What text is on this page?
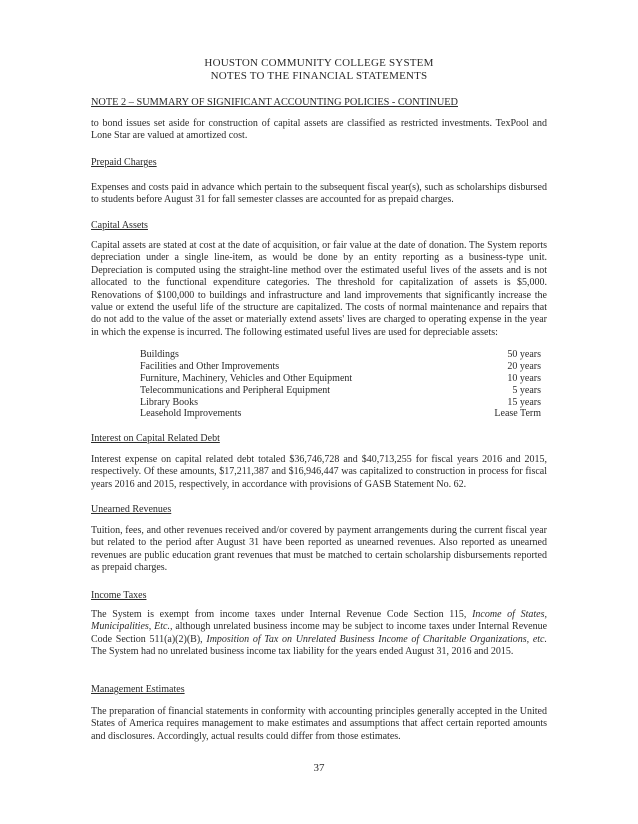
HOUSTON COMMUNITY COLLEGE SYSTEM
NOTES TO THE FINANCIAL STATEMENTS
NOTE 2 – SUMMARY OF SIGNIFICANT ACCOUNTING POLICIES - CONTINUED
to bond issues set aside for construction of capital assets are classified as restricted investments. TexPool and Lone Star are valued at amortized cost.
Prepaid Charges
Expenses and costs paid in advance which pertain to the subsequent fiscal year(s), such as scholarships disbursed to students before August 31 for fall semester classes are accounted for as prepaid charges.
Capital Assets
Capital assets are stated at cost at the date of acquisition, or fair value at the date of donation. The System reports depreciation under a single line-item, as would be done by an entity reporting as a business-type unit. Depreciation is computed using the straight-line method over the estimated useful lives of the assets and is not allocated to the functional expenditure categories. The threshold for capitalization of assets is $5,000. Renovations of $100,000 to buildings and infrastructure and land improvements that significantly increase the value or extend the useful life of the structure are capitalized. The costs of normal maintenance and repairs that do not add to the value of the asset or materially extend assets' lives are charged to operating expense in the year in which the expense is incurred. The following estimated useful lives are used for depreciable assets:
Buildings	50 years
Facilities and Other Improvements	20 years
Furniture, Machinery, Vehicles and Other Equipment	10 years
Telecommunications and Peripheral Equipment	5 years
Library Books	15 years
Leasehold Improvements	Lease Term
Interest on Capital Related Debt
Interest expense on capital related debt totaled $36,746,728 and $40,713,255 for fiscal years 2016 and 2015, respectively. Of these amounts, $17,211,387 and $16,946,447 was capitalized to construction in process for fiscal years 2016 and 2015, respectively, in accordance with provisions of GASB Statement No. 62.
Unearned Revenues
Tuition, fees, and other revenues received and/or covered by payment arrangements during the current fiscal year but related to the period after August 31 have been reported as unearned revenues. Also reported as unearned revenues are public education grant revenues that must be matched to certain scholarship disbursements reported as prepaid charges.
Income Taxes
The System is exempt from income taxes under Internal Revenue Code Section 115, Income of States, Municipalities, Etc., although unrelated business income may be subject to income taxes under Internal Revenue Code Section 511(a)(2)(B), Imposition of Tax on Unrelated Business Income of Charitable Organizations, etc. The System had no unrelated business income tax liability for the years ended August 31, 2016 and 2015.
Management Estimates
The preparation of financial statements in conformity with accounting principles generally accepted in the United States of America requires management to make estimates and assumptions that affect certain reported amounts and disclosures. Accordingly, actual results could differ from those estimates.
37
